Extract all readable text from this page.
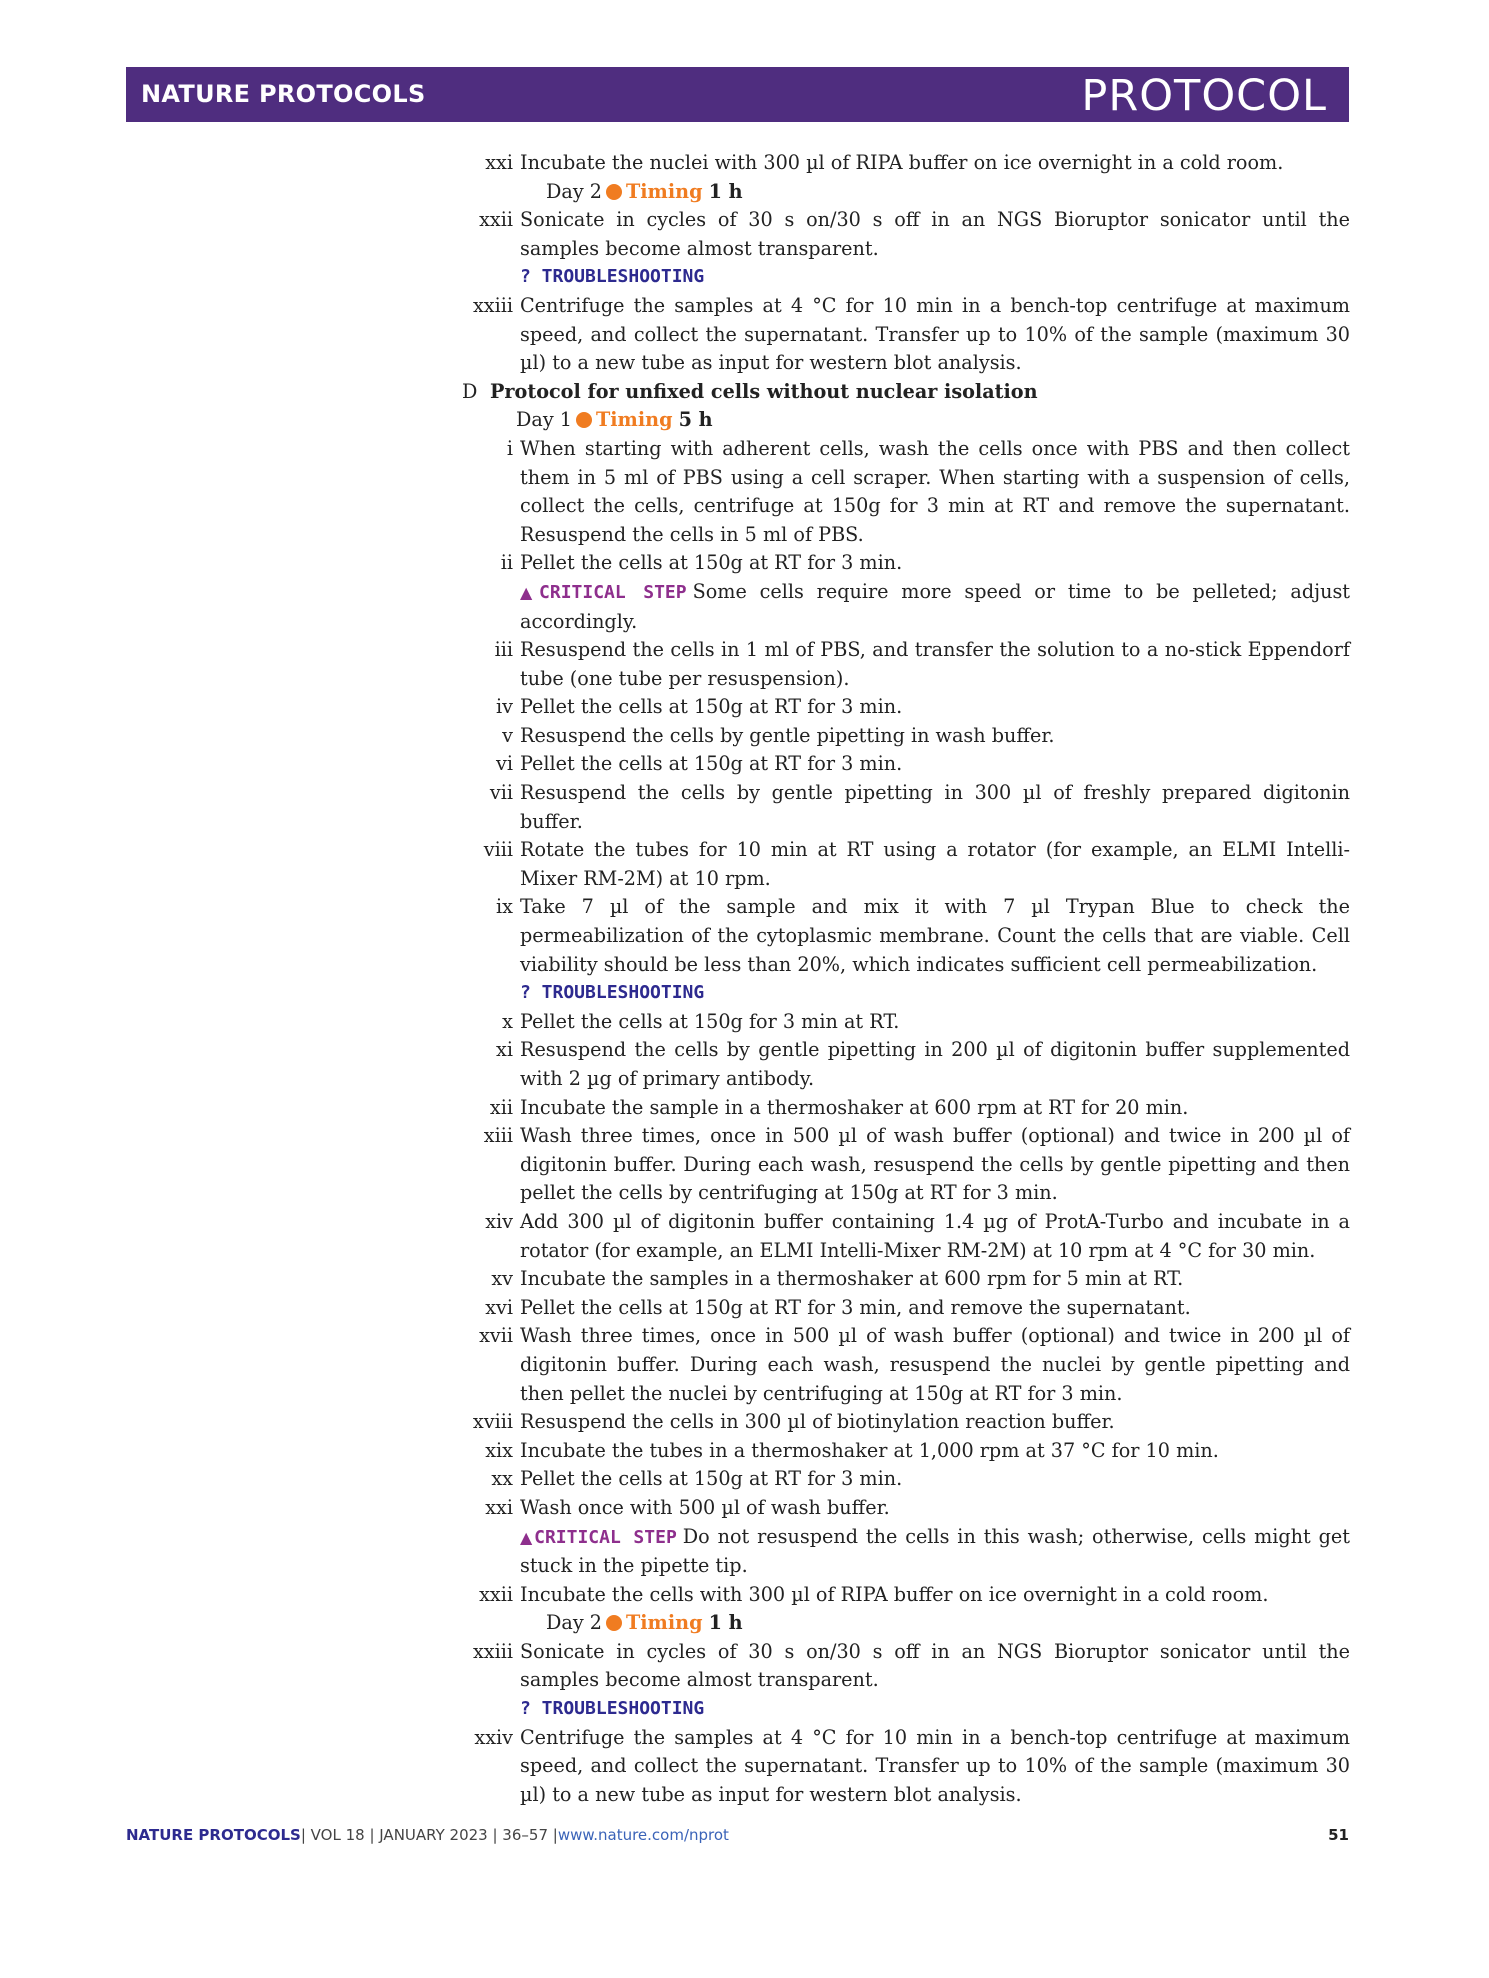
NATURE PROTOCOLS	PROTOCOL
xxi Incubate the nuclei with 300 µl of RIPA buffer on ice overnight in a cold room.
Day 2 Timing 1 h
xxii Sonicate in cycles of 30 s on/30 s off in an NGS Bioruptor sonicator until the samples become almost transparent.
? TROUBLESHOOTING
xxiii Centrifuge the samples at 4 °C for 10 min in a bench-top centrifuge at maximum speed, and collect the supernatant. Transfer up to 10% of the sample (maximum 30 µl) to a new tube as input for western blot analysis.
D Protocol for unfixed cells without nuclear isolation
Day 1 Timing 5 h
i When starting with adherent cells, wash the cells once with PBS and then collect them in 5 ml of PBS using a cell scraper. When starting with a suspension of cells, collect the cells, centrifuge at 150g for 3 min at RT and remove the supernatant. Resuspend the cells in 5 ml of PBS.
ii Pellet the cells at 150g at RT for 3 min.
▲CRITICAL STEP Some cells require more speed or time to be pelleted; adjust accordingly.
iii Resuspend the cells in 1 ml of PBS, and transfer the solution to a no-stick Eppendorf tube (one tube per resuspension).
iv Pellet the cells at 150g at RT for 3 min.
v Resuspend the cells by gentle pipetting in wash buffer.
vi Pellet the cells at 150g at RT for 3 min.
vii Resuspend the cells by gentle pipetting in 300 µl of freshly prepared digitonin buffer.
viii Rotate the tubes for 10 min at RT using a rotator (for example, an ELMI Intelli-Mixer RM-2M) at 10 rpm.
ix Take 7 µl of the sample and mix it with 7 µl Trypan Blue to check the permeabilization of the cytoplasmic membrane. Count the cells that are viable. Cell viability should be less than 20%, which indicates sufficient cell permeabilization.
? TROUBLESHOOTING
x Pellet the cells at 150g for 3 min at RT.
xi Resuspend the cells by gentle pipetting in 200 µl of digitonin buffer supplemented with 2 µg of primary antibody.
xii Incubate the sample in a thermoshaker at 600 rpm at RT for 20 min.
xiii Wash three times, once in 500 µl of wash buffer (optional) and twice in 200 µl of digitonin buffer. During each wash, resuspend the cells by gentle pipetting and then pellet the cells by centrifuging at 150g at RT for 3 min.
xiv Add 300 µl of digitonin buffer containing 1.4 µg of ProtA-Turbo and incubate in a rotator (for example, an ELMI Intelli-Mixer RM-2M) at 10 rpm at 4 °C for 30 min.
xv Incubate the samples in a thermoshaker at 600 rpm for 5 min at RT.
xvi Pellet the cells at 150g at RT for 3 min, and remove the supernatant.
xvii Wash three times, once in 500 µl of wash buffer (optional) and twice in 200 µl of digitonin buffer. During each wash, resuspend the nuclei by gentle pipetting and then pellet the nuclei by centrifuging at 150g at RT for 3 min.
xviii Resuspend the cells in 300 µl of biotinylation reaction buffer.
xix Incubate the tubes in a thermoshaker at 1,000 rpm at 37 °C for 10 min.
xx Pellet the cells at 150g at RT for 3 min.
xxi Wash once with 500 µl of wash buffer.
▲CRITICAL STEP Do not resuspend the cells in this wash; otherwise, cells might get stuck in the pipette tip.
xxii Incubate the cells with 300 µl of RIPA buffer on ice overnight in a cold room.
Day 2 Timing 1 h
xxiii Sonicate in cycles of 30 s on/30 s off in an NGS Bioruptor sonicator until the samples become almost transparent.
? TROUBLESHOOTING
xxiv Centrifuge the samples at 4 °C for 10 min in a bench-top centrifuge at maximum speed, and collect the supernatant. Transfer up to 10% of the sample (maximum 30 µl) to a new tube as input for western blot analysis.
NATURE PROTOCOLS| VOL 18 | JANUARY 2023 | 36–57 |www.nature.com/nprot	51
